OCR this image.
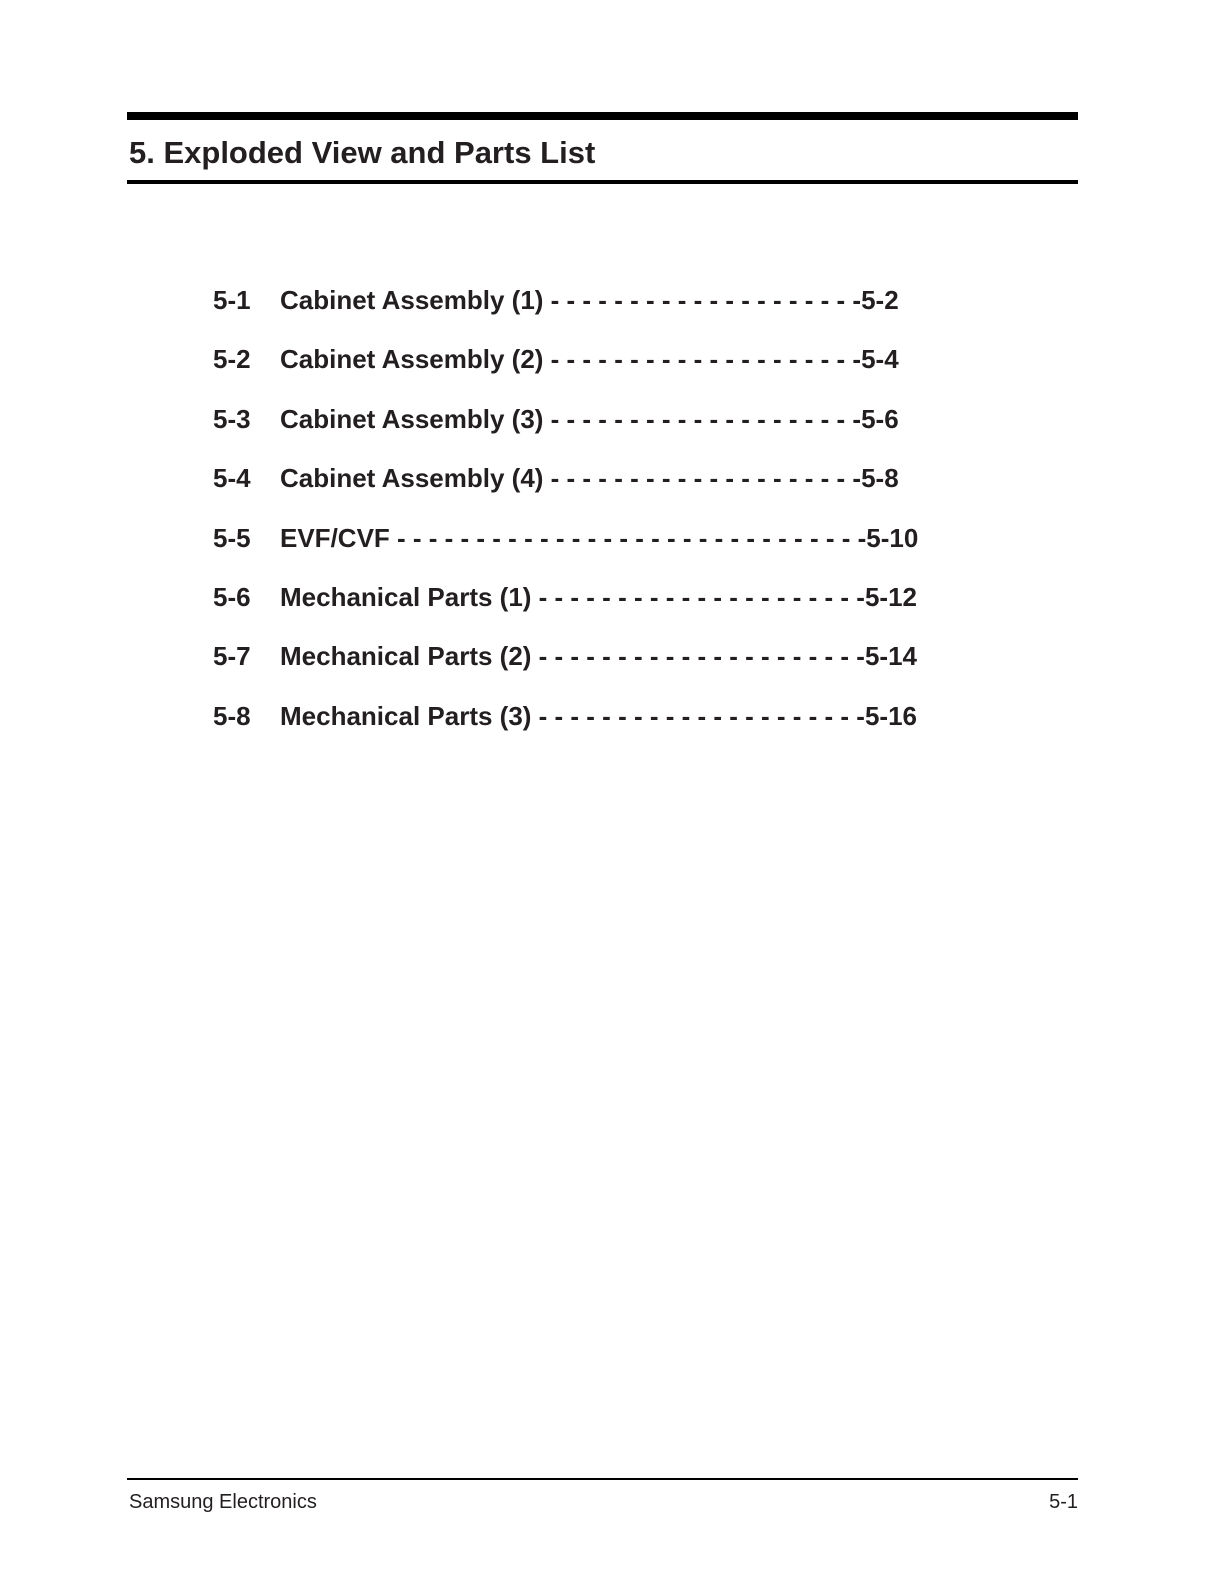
5. Exploded View and Parts List
5-1 Cabinet Assembly (1) - - - - - - - - - - - - - - - - - - - -5-2
5-2 Cabinet Assembly (2) - - - - - - - - - - - - - - - - - - - -5-4
5-3 Cabinet Assembly (3) - - - - - - - - - - - - - - - - - - - -5-6
5-4 Cabinet Assembly (4) - - - - - - - - - - - - - - - - - - - -5-8
5-5 EVF/CVF - - - - - - - - - - - - - - - - - - - - - - - - - - - - - -5-10
5-6 Mechanical Parts (1) - - - - - - - - - - - - - - - - - - - - -5-12
5-7 Mechanical Parts (2) - - - - - - - - - - - - - - - - - - - - -5-14
5-8 Mechanical Parts (3) - - - - - - - - - - - - - - - - - - - - -5-16
Samsung Electronics	5-1
